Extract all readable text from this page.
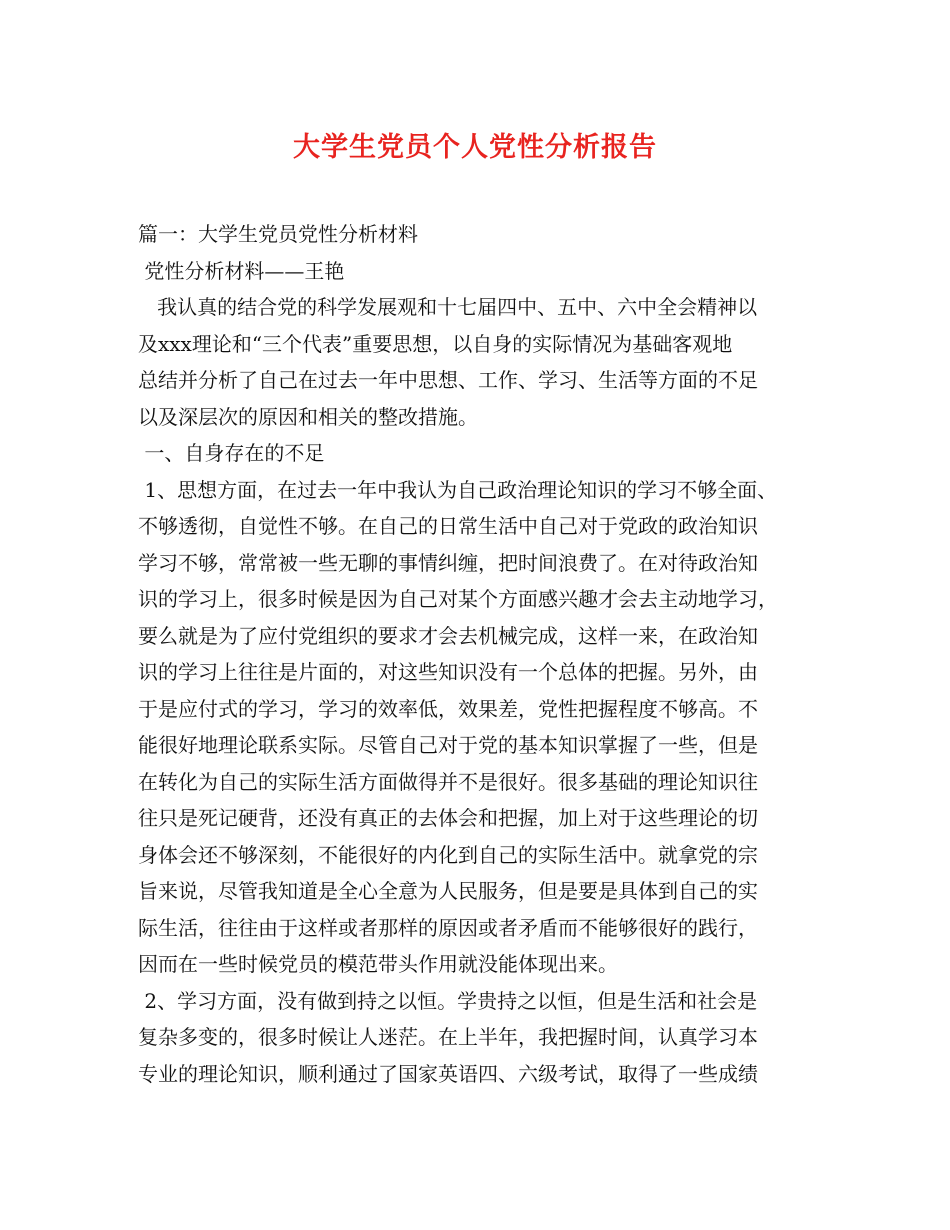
大学生党员个人党性分析报告
篇一：大学生党员党性分析材料
党性分析材料——王艳
我认真的结合党的科学发展观和十七届四中、五中、六中全会精神以
及xxx理论和“三个代表”重要思想，以自身的实际情况为基础客观地
总结并分析了自己在过去一年中思想、工作、学习、生活等方面的不足
以及深层次的原因和相关的整改措施。
一、自身存在的不足
1、思想方面，在过去一年中我认为自己政治理论知识的学习不够全面、
不够透彻，自觉性不够。在自己的日常生活中自己对于党政的政治知识
学习不够，常常被一些无聊的事情纠缠，把时间浪费了。在对待政治知
识的学习上，很多时候是因为自己对某个方面感兴趣才会去主动地学习，
要么就是为了应付党组织的要求才会去机械完成，这样一来，在政治知
识的学习上往往是片面的，对这些知识没有一个总体的把握。另外，由
于是应付式的学习，学习的效率低，效果差，党性把握程度不够高。不
能很好地理论联系实际。尽管自己对于党的基本知识掌握了一些，但是
在转化为自己的实际生活方面做得并不是很好。很多基础的理论知识往
往只是死记硬背，还没有真正的去体会和把握，加上对于这些理论的切
身体会还不够深刻，不能很好的内化到自己的实际生活中。就拿党的宗
旨来说，尽管我知道是全心全意为人民服务，但是要是具体到自己的实
际生活，往往由于这样或者那样的原因或者矛盾而不能够很好的践行，
因而在一些时候党员的模范带头作用就没能体现出来。
2、学习方面，没有做到持之以恒。学贵持之以恒，但是生活和社会是
复杂多变的，很多时候让人迷茫。在上半年，我把握时间，认真学习本
专业的理论知识，顺利通过了国家英语四、六级考试，取得了一些成绩
